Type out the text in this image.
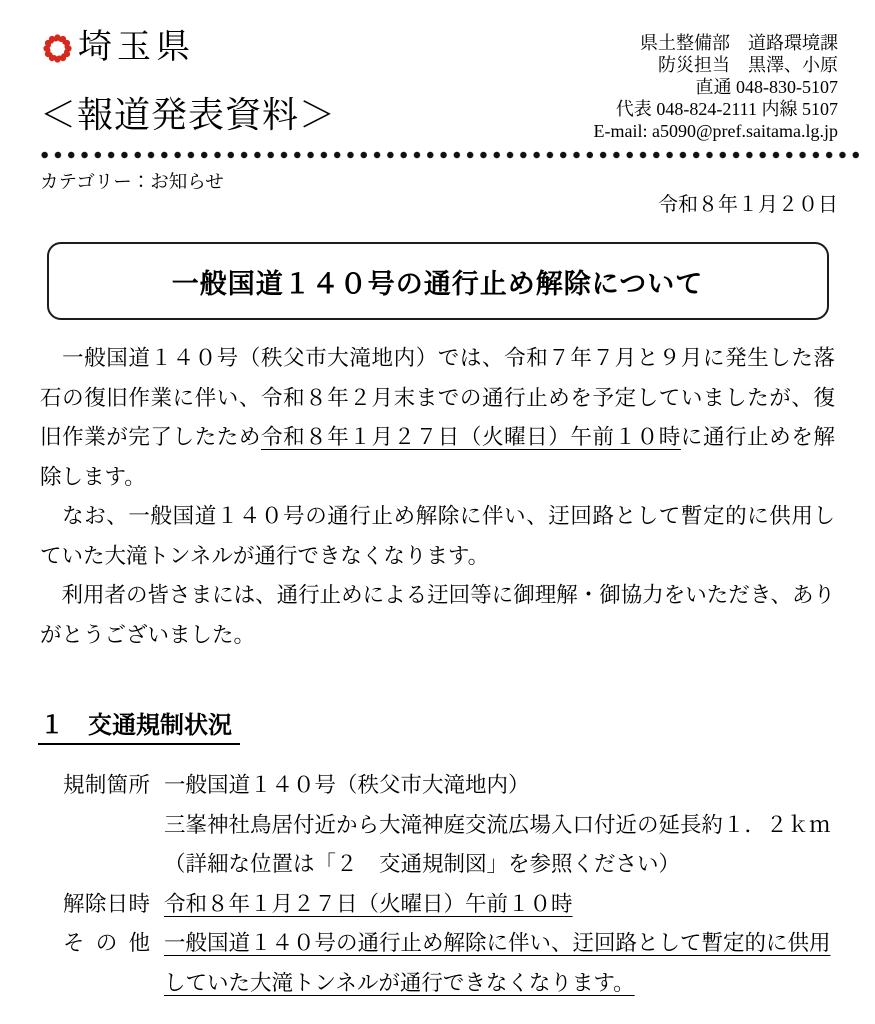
埼玉県
＜報道発表資料＞
県土整備部　道路環境課
防災担当　黒澤、小原
直通 048-830-5107
代表 048-824-2111 内線 5107
E-mail: a5090@pref.saitama.lg.jp
カテゴリー：お知らせ
令和８年１月２０日
一般国道１４０号の通行止め解除について

　一般国道１４０号（秩父市大滝地内）では、令和７年７月と９月に発生した落石の復旧作業に伴い、令和８年２月末までの通行止めを予定していましたが、復旧作業が完了したため令和８年１月２７日（火曜日）午前１０時に通行止めを解除します。

　なお、一般国道１４０号の通行止め解除に伴い、迂回路として暫定的に供用していた大滝トンネルが通行できなくなります。

　利用者の皆さまには、通行止めによる迂回等に御理解・御協力をいただき、ありがとうございました。

１　交通規制状況
規制箇所 一般国道１４０号（秩父市大滝地内）
三峯神社鳥居付近から大滝神庭交流広場入口付近の延長約１．２ｋｍ
（詳細な位置は「２　交通規制図」を参照ください）
解除日時 令和８年１月２７日（火曜日）午前１０時
そ の 他 一般国道１４０号の通行止め解除に伴い、迂回路として暫定的に供用
していた大滝トンネルが通行できなくなります。
